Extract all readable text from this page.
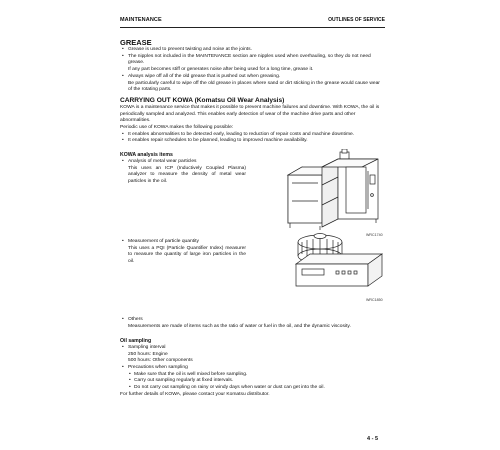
MAINTENANCE	OUTLINES OF SERVICE
GREASE

• Grease is used to prevent twisting and noise at the joints.

• The nipples not included in the MAINTENANCE section are nipples used when overhauling, so they do not need grease.

If any part becomes stiff or generates noise after being used for a long time, grease it.

• Always wipe off all of the old grease that is pushed out when greasing.

Be particularly careful to wipe off the old grease in places where sand or dirt sticking in the grease would cause wear of the rotating parts.

CARRYING OUT KOWA (Komatsu Oil Wear Analysis)

KOWA is a maintenance service that makes it possible to prevent machine failures and downtime. With KOWA, the oil is periodically sampled and analyzed. This enables early detection of wear of the machine drive parts and other abnormalities.

Periodic use of KOWA makes the following possible:

• It enables abnormalities to be detected early, leading to reduction of repair costs and machine downtime.

• It enables repair schedules to be planned, leading to improved machine availability.

KOWA analysis items

• Analysis of metal wear particles

This uses an ICP (Inductively Coupled Plasma) analyzer to measure the density of metal wear particles in the oil.

WRC1740

• Measurement of particle quantity

This uses a PQI (Particle Quantifier Index) measurer to measure the quantity of large iron particles in the oil.

WRC1850

• Others

Measurements are made of items such as the ratio of water or fuel in the oil, and the dynamic viscosity.

Oil sampling

• Sampling interval

250 hours: Engine

500 hours: Other components

• Precautions when sampling

• Make sure that the oil is well mixed before sampling.

• Carry out sampling regularly at fixed intervals.

• Do not carry out sampling on rainy or windy days when water or dust can get into the oil.

For further details of KOWA, please contact your Komatsu distributor.

4 - 5
